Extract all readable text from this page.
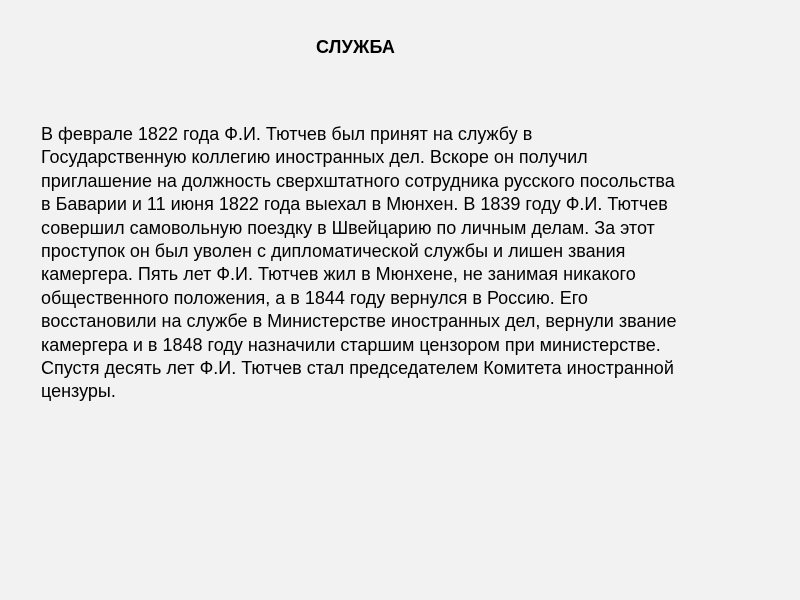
СЛУЖБА
В феврале 1822 года Ф.И. Тютчев был принят на службу в
Государственную коллегию иностранных дел. Вскоре он получил
приглашение на должность сверхштатного сотрудника русского посольства
в Баварии и 11 июня 1822 года выехал в Мюнхен. В 1839 году Ф.И. Тютчев
совершил самовольную поездку в Швейцарию по личным делам. За этот
проступок он был уволен с дипломатической службы и лишен звания
камергера. Пять лет Ф.И. Тютчев жил в Мюнхене, не занимая никакого
общественного положения, а в 1844 году вернулся в Россию. Его
восстановили на службе в Министерстве иностранных дел, вернули звание
камергера и в 1848 году назначили старшим цензором при министерстве.
Спустя десять лет Ф.И. Тютчев стал председателем Комитета иностранной
цензуры.
